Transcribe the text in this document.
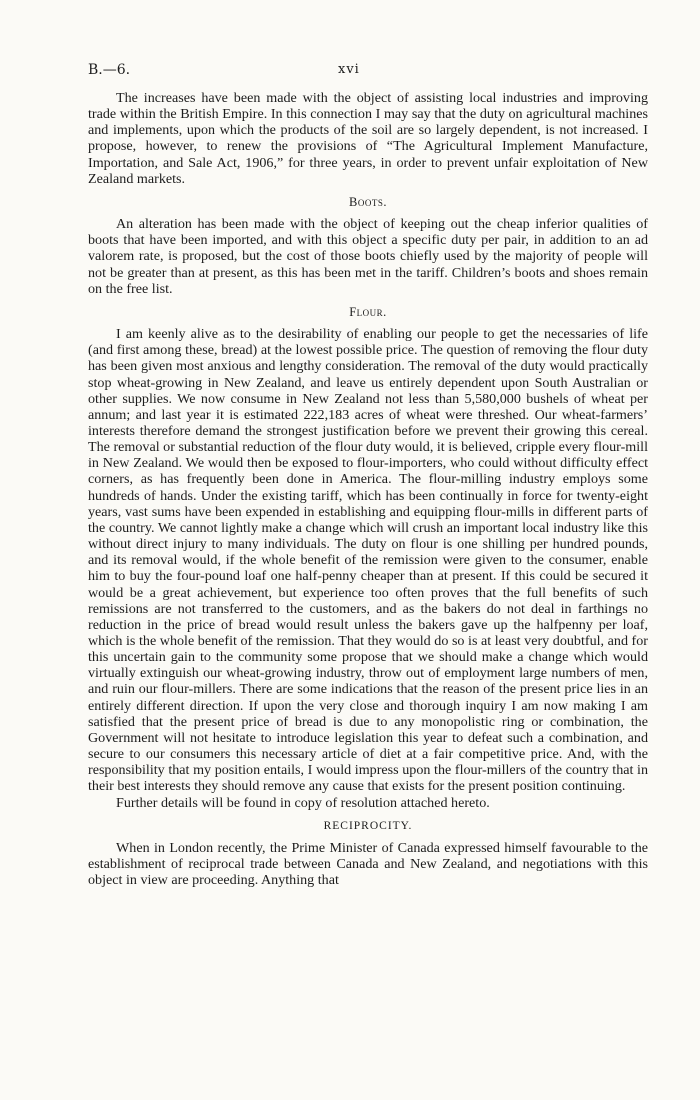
B.—6.	xvi

The increases have been made with the object of assisting local industries and improving trade within the British Empire. In this connection I may say that the duty on agricultural machines and implements, upon which the products of the soil are so largely dependent, is not increased. I propose, however, to renew the provisions of “The Agricultural Implement Manufacture, Importation, and Sale Act, 1906,” for three years, in order to prevent unfair exploitation of New Zealand markets.

Boots.

An alteration has been made with the object of keeping out the cheap inferior qualities of boots that have been imported, and with this object a specific duty per pair, in addition to an ad valorem rate, is proposed, but the cost of those boots chiefly used by the majority of people will not be greater than at present, as this has been met in the tariff. Children’s boots and shoes remain on the free list.

Flour.

I am keenly alive as to the desirability of enabling our people to get the necessaries of life (and first among these, bread) at the lowest possible price. The question of removing the flour duty has been given most anxious and lengthy consideration. The removal of the duty would practically stop wheat-growing in New Zealand, and leave us entirely dependent upon South Australian or other supplies. We now consume in New Zealand not less than 5,580,000 bushels of wheat per annum; and last year it is estimated 222,183 acres of wheat were threshed. Our wheat-farmers’ interests therefore demand the strongest justification before we prevent their growing this cereal. The removal or substantial reduction of the flour duty would, it is believed, cripple every flour-mill in New Zealand. We would then be exposed to flour-importers, who could without difficulty effect corners, as has frequently been done in America. The flour-milling industry employs some hundreds of hands. Under the existing tariff, which has been continually in force for twenty-eight years, vast sums have been expended in establishing and equipping flour-mills in different parts of the country. We cannot lightly make a change which will crush an important local industry like this without direct injury to many individuals. The duty on flour is one shilling per hundred pounds, and its removal would, if the whole benefit of the remission were given to the consumer, enable him to buy the four-pound loaf one half-penny cheaper than at present. If this could be secured it would be a great achievement, but experience too often proves that the full benefits of such remissions are not transferred to the customers, and as the bakers do not deal in farthings no reduction in the price of bread would result unless the bakers gave up the halfpenny per loaf, which is the whole benefit of the remission. That they would do so is at least very doubtful, and for this uncertain gain to the community some propose that we should make a change which would virtually extinguish our wheat-growing industry, throw out of employment large numbers of men, and ruin our flour-millers. There are some indications that the reason of the present price lies in an entirely different direction. If upon the very close and thorough inquiry I am now making I am satisfied that the present price of bread is due to any monopolistic ring or combination, the Government will not hesitate to introduce legislation this year to defeat such a combination, and secure to our consumers this necessary article of diet at a fair competitive price. And, with the responsibility that my position entails, I would impress upon the flour-millers of the country that in their best interests they should remove any cause that exists for the present position continuing.

Further details will be found in copy of resolution attached hereto.

RECIPROCITY.

When in London recently, the Prime Minister of Canada expressed himself favourable to the establishment of reciprocal trade between Canada and New Zealand, and negotiations with this object in view are proceeding. Anything that
